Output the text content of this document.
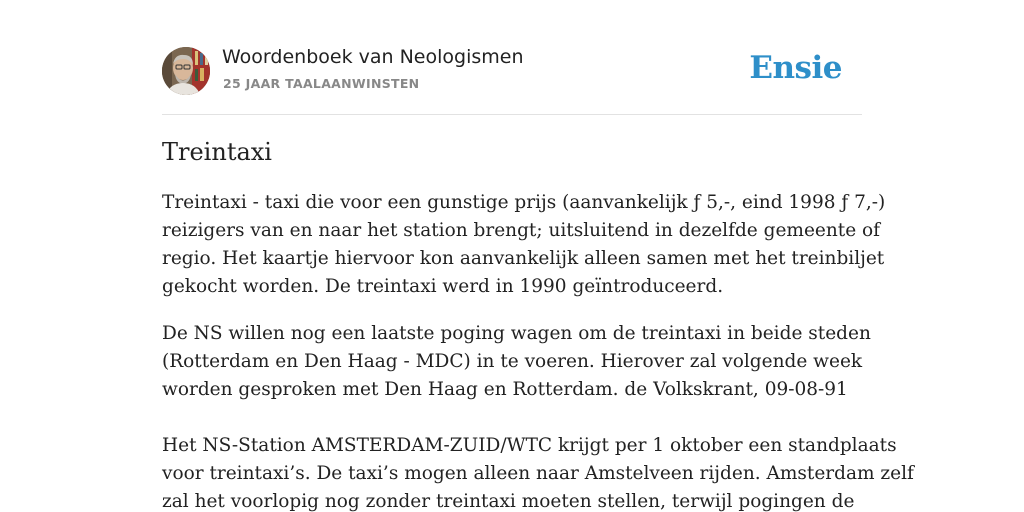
Woordenboek van Neologismen
25 JAAR TAALAANWINSTEN	Ensie
Treintaxi

Treintaxi - taxi die voor een gunstige prijs (aanvankelijk ƒ 5,-, eind 1998 ƒ 7,-)
reizigers van en naar het station brengt; uitsluitend in dezelfde gemeente of
regio. Het kaartje hiervoor kon aanvankelijk alleen samen met het treinbiljet
gekocht worden. De treintaxi werd in 1990 geïntroduceerd.

De NS willen nog een laatste poging wagen om de treintaxi in beide steden
(Rotterdam en Den Haag - MDC) in te voeren. Hierover zal volgende week
worden gesproken met Den Haag en Rotterdam. de Volkskrant, 09-08-91
Het NS-Station AMSTERDAM-ZUID/WTC krijgt per 1 oktober een standplaats
voor treintaxi’s. De taxi’s mogen alleen naar Amstelveen rijden. Amsterdam zelf
zal het voorlopig nog zonder treintaxi moeten stellen, terwijl pogingen de
